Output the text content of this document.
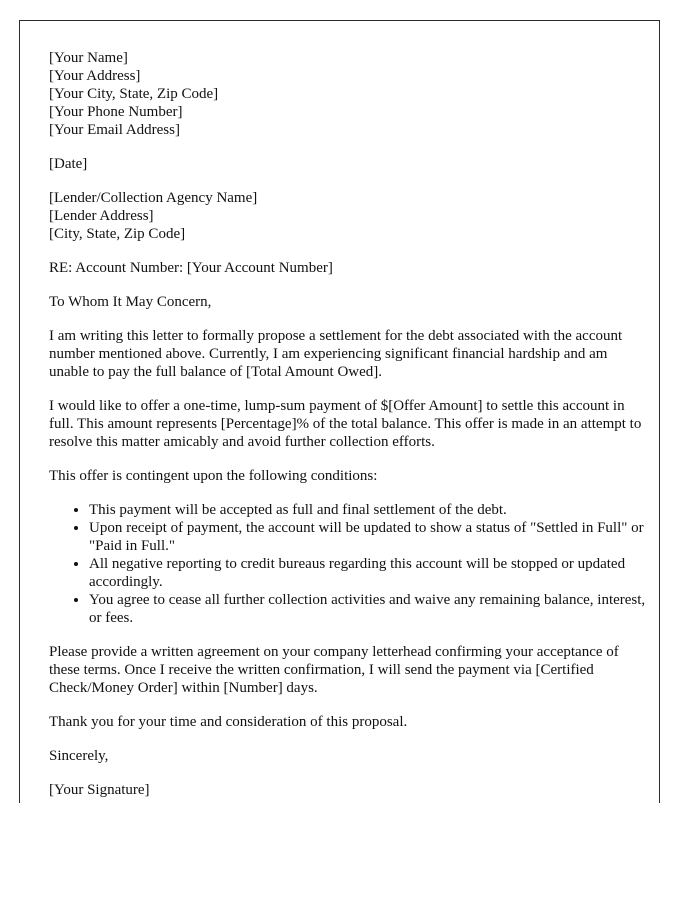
[Your Name]
[Your Address]
[Your City, State, Zip Code]
[Your Phone Number]
[Your Email Address]

[Date]

[Lender/Collection Agency Name]
[Lender Address]
[City, State, Zip Code]

RE: Account Number: [Your Account Number]

To Whom It May Concern,

I am writing this letter to formally propose a settlement for the debt associated with the account number mentioned above. Currently, I am experiencing significant financial hardship and am unable to pay the full balance of [Total Amount Owed].

I would like to offer a one-time, lump-sum payment of $[Offer Amount] to settle this account in full. This amount represents [Percentage]% of the total balance. This offer is made in an attempt to resolve this matter amicably and avoid further collection efforts.

This offer is contingent upon the following conditions:

• This payment will be accepted as full and final settlement of the debt.
• Upon receipt of payment, the account will be updated to show a status of "Settled in Full" or "Paid in Full."
• All negative reporting to credit bureaus regarding this account will be stopped or updated accordingly.
• You agree to cease all further collection activities and waive any remaining balance, interest, or fees.

Please provide a written agreement on your company letterhead confirming your acceptance of these terms. Once I receive the written confirmation, I will send the payment via [Certified Check/Money Order] within [Number] days.

Thank you for your time and consideration of this proposal.

Sincerely,

[Your Signature]
